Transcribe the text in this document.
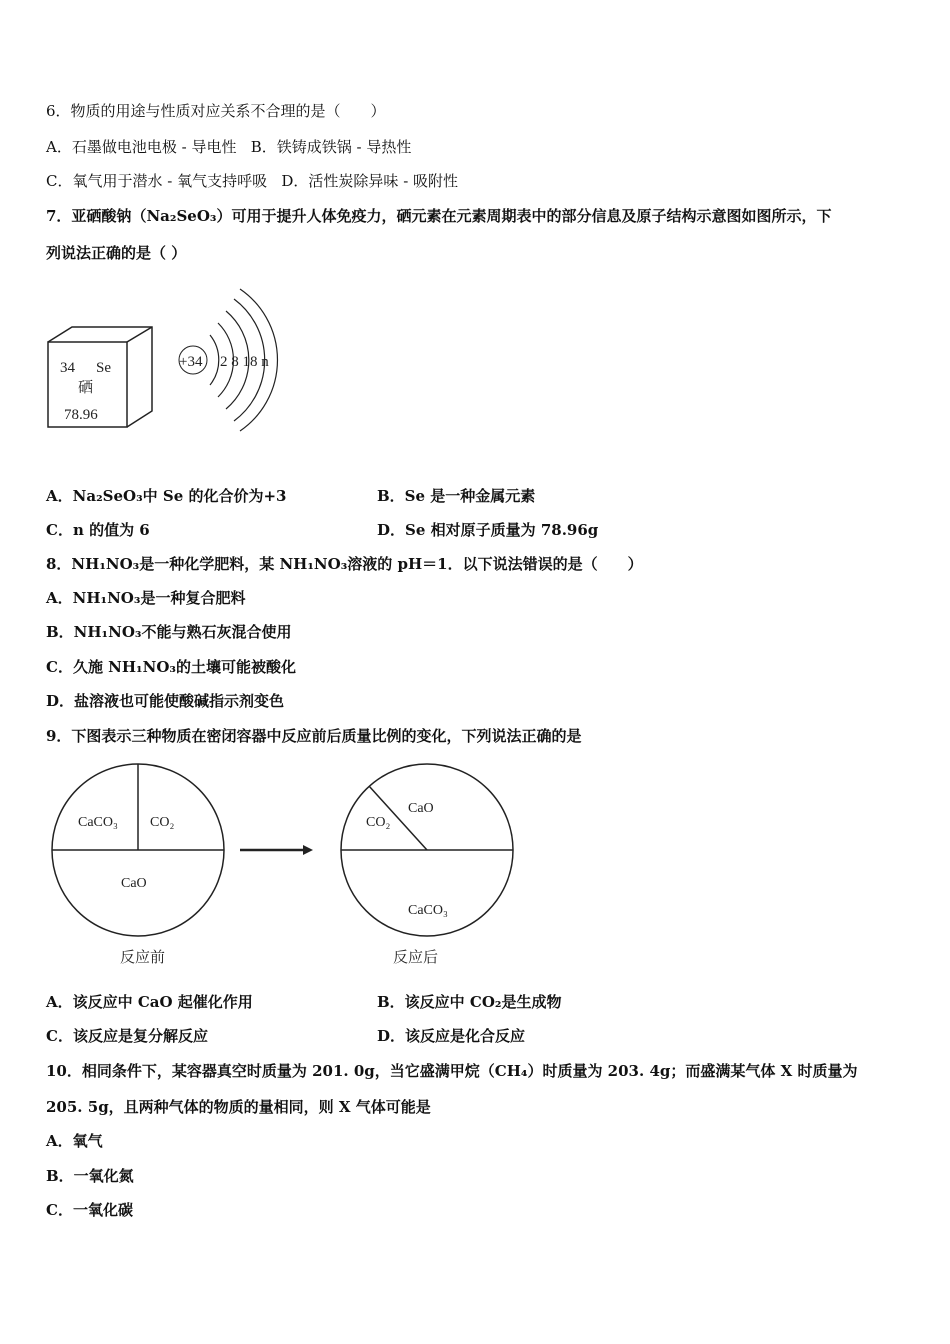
6．物质的用途与性质对应关系不合理的是（　　）
A．石墨做电池电极 - 导电性 B．铁铸成铁锅 - 导热性
C．氧气用于潜水 - 氧气支持呼吸 D．活性炭除异味 - 吸附性
7．亚硒酸钠（Na₂SeO₃）可用于提升人体免疫力，硒元素在元素周期表中的部分信息及原子结构示意图如图所示，下
列说法正确的是（ ）
34 Se
硒
78.96
+34 2 8 18 n
A．Na₂SeO₃中 Se 的化合价为+3	B．Se 是一种金属元素
C．n 的值为 6	D．Se 相对原子质量为 78.96g
8．NH₁NO₃是一种化学肥料，某 NH₁NO₃溶液的 pH＝1．以下说法错误的是（　　）
A．NH₁NO₃是一种复合肥料
B．NH₁NO₃不能与熟石灰混合使用
C．久施 NH₁NO₃的土壤可能被酸化
D．盐溶液也可能使酸碱指示剂变色
9．下图表示三种物质在密闭容器中反应前后质量比例的变化，下列说法正确的是
CaCO₃ CO₂
CaO
CO₂
CaO
CaCO₃
反应前	反应后
A．该反应中 CaO 起催化作用	B．该反应中 CO₂是生成物
C．该反应是复分解反应	D．该反应是化合反应
10．相同条件下，某容器真空时质量为 201. 0g，当它盛满甲烷（CH₄）时质量为 203. 4g；而盛满某气体 X 时质量为
205. 5g，且两种气体的物质的量相同，则 X 气体可能是
A．氧气
B．一氧化氮
C．一氧化碳
